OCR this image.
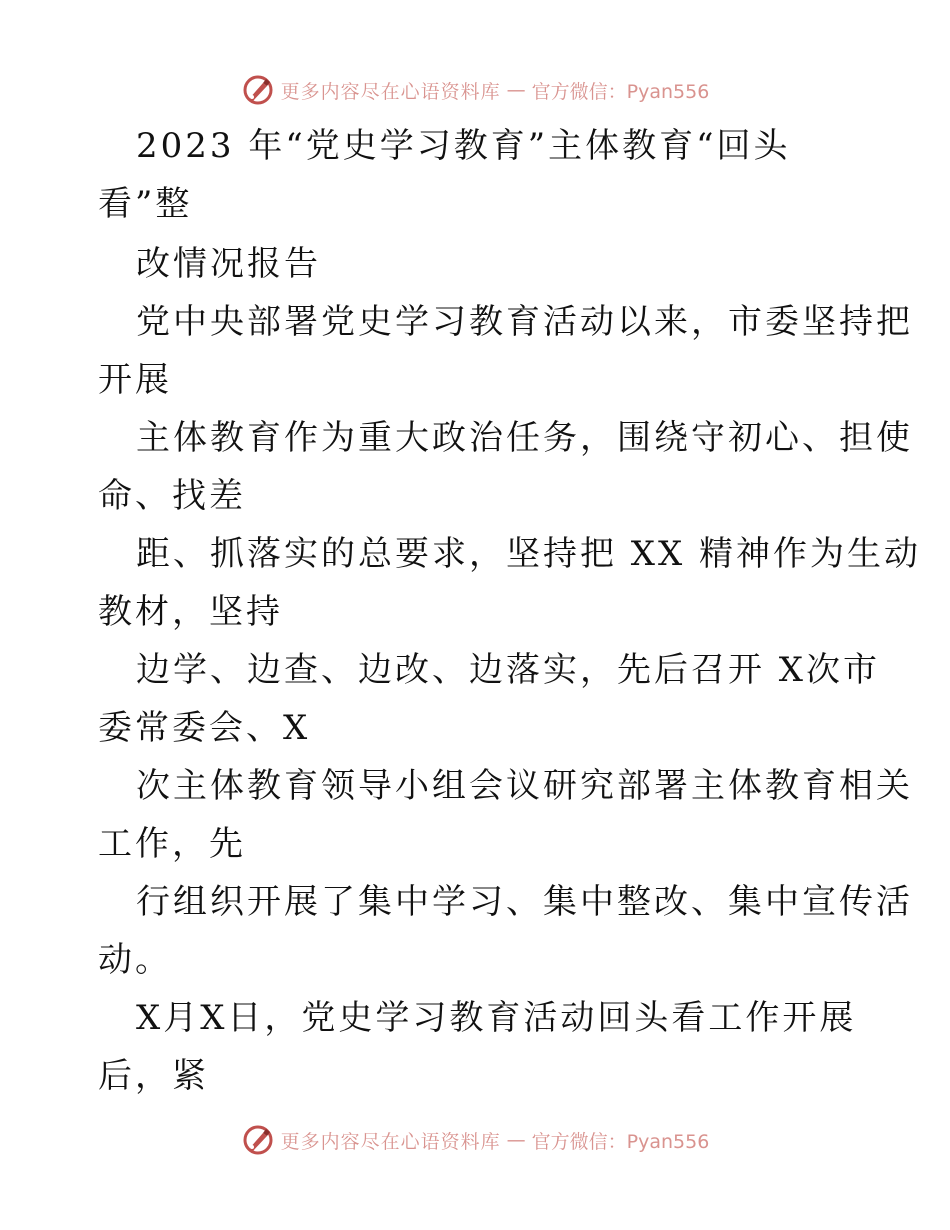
更多内容尽在心语资料库 — 官方微信：Pyan556
2023 年“党史学习教育”主体教育“回头
看”整
改情况报告
党中央部署党史学习教育活动以来，市委坚持把
开展
主体教育作为重大政治任务，围绕守初心、担使
命、找差
距、抓落实的总要求，坚持把 XX 精神作为生动
教材，坚持
边学、边查、边改、边落实，先后召开 X次市
委常委会、X
次主体教育领导小组会议研究部署主体教育相关
工作，先
行组织开展了集中学习、集中整改、集中宣传活
动。
X月X日，党史学习教育活动回头看工作开展
后，紧
更多内容尽在心语资料库 — 官方微信：Pyan556
